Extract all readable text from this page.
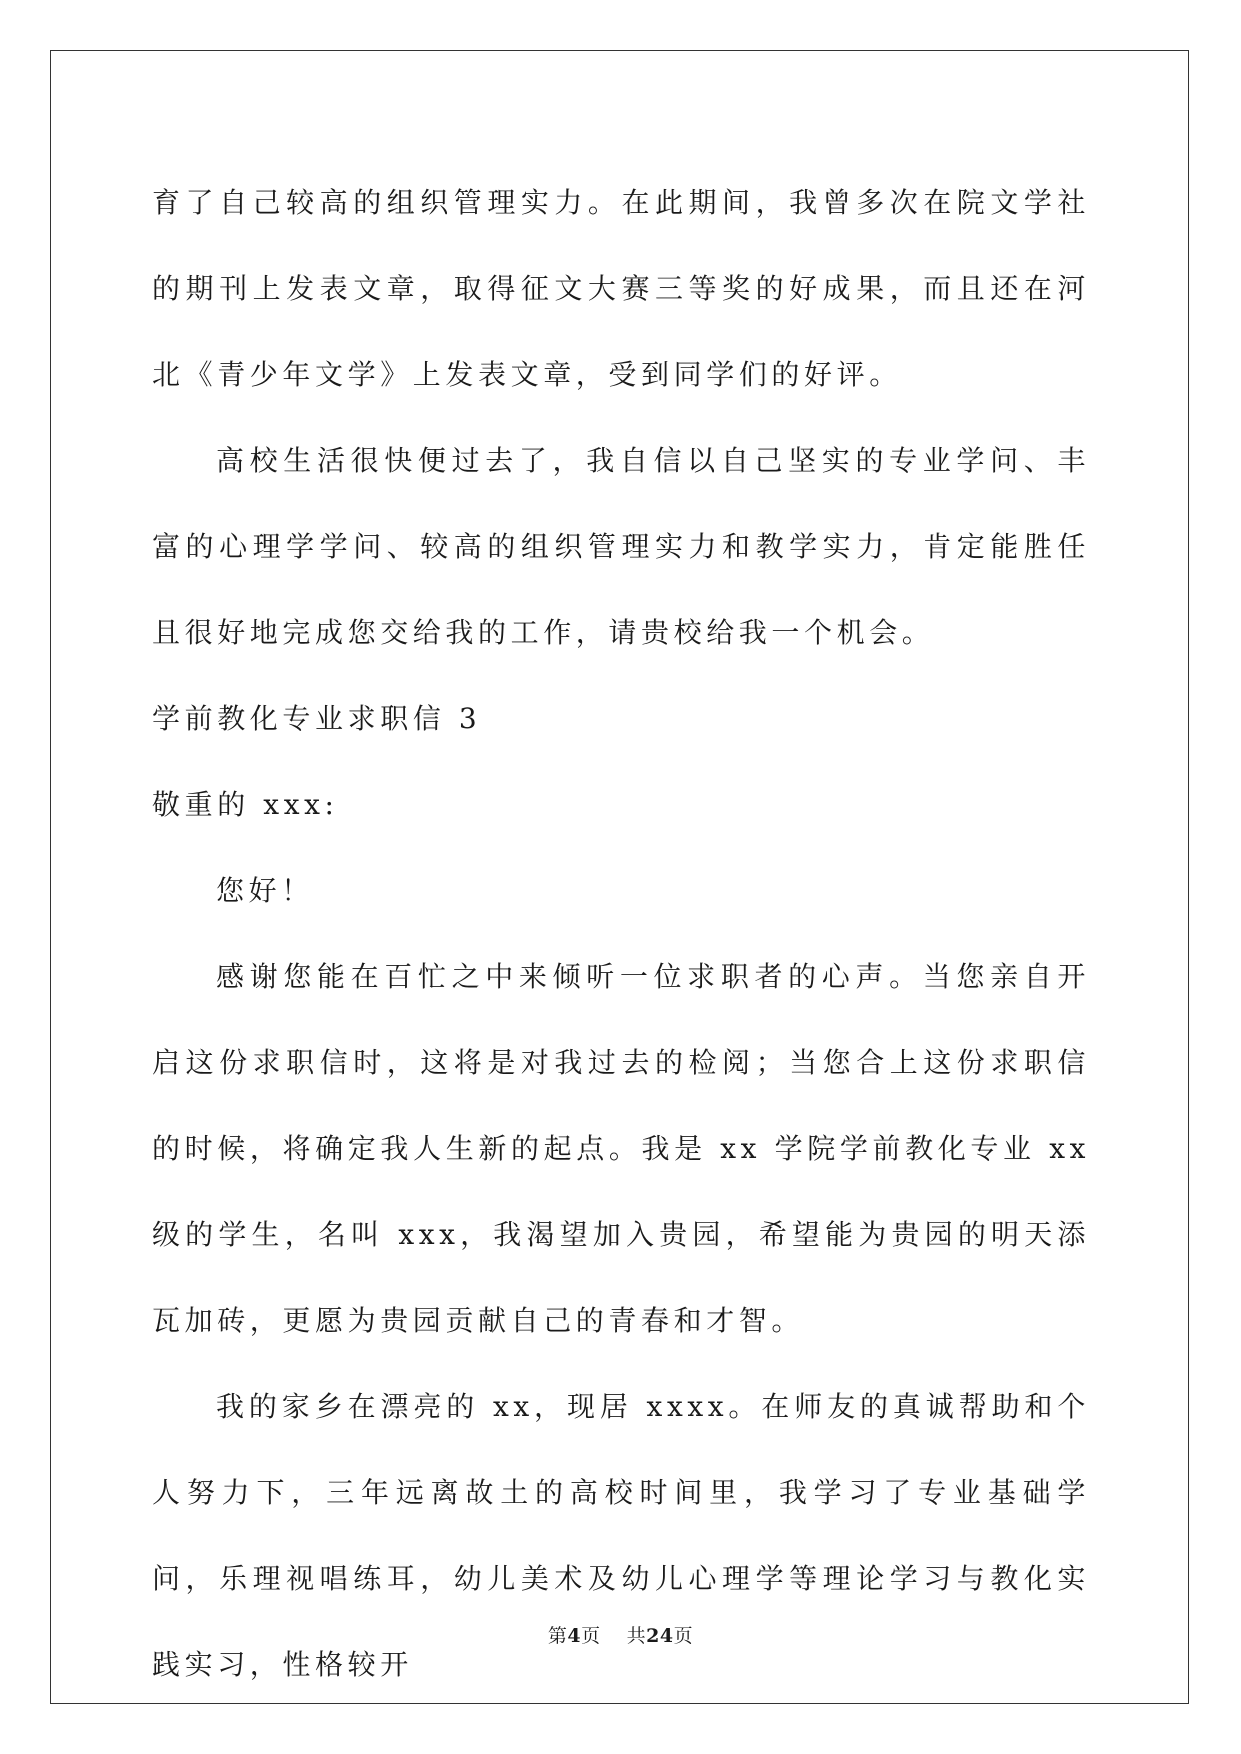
育了自己较高的组织管理实力。在此期间，我曾多次在院文学社的期刊上发表文章，取得征文大赛三等奖的好成果，而且还在河北《青少年文学》上发表文章，受到同学们的好评。

高校生活很快便过去了，我自信以自己坚实的专业学问、丰富的心理学学问、较高的组织管理实力和教学实力，肯定能胜任且很好地完成您交给我的工作，请贵校给我一个机会。

学前教化专业求职信 3

敬重的 xxx:

您好！

感谢您能在百忙之中来倾听一位求职者的心声。当您亲自开启这份求职信时，这将是对我过去的检阅；当您合上这份求职信的时候，将确定我人生新的起点。我是 xx 学院学前教化专业 xx 级的学生，名叫 xxx，我渴望加入贵园，希望能为贵园的明天添瓦加砖，更愿为贵园贡献自己的青春和才智。

我的家乡在漂亮的 xx，现居 xxxx。在师友的真诚帮助和个人努力下，三年远离故土的高校时间里，我学习了专业基础学问，乐理视唱练耳，幼儿美术及幼儿心理学等理论学习与教化实践实习，性格较开

第4页 共24页
